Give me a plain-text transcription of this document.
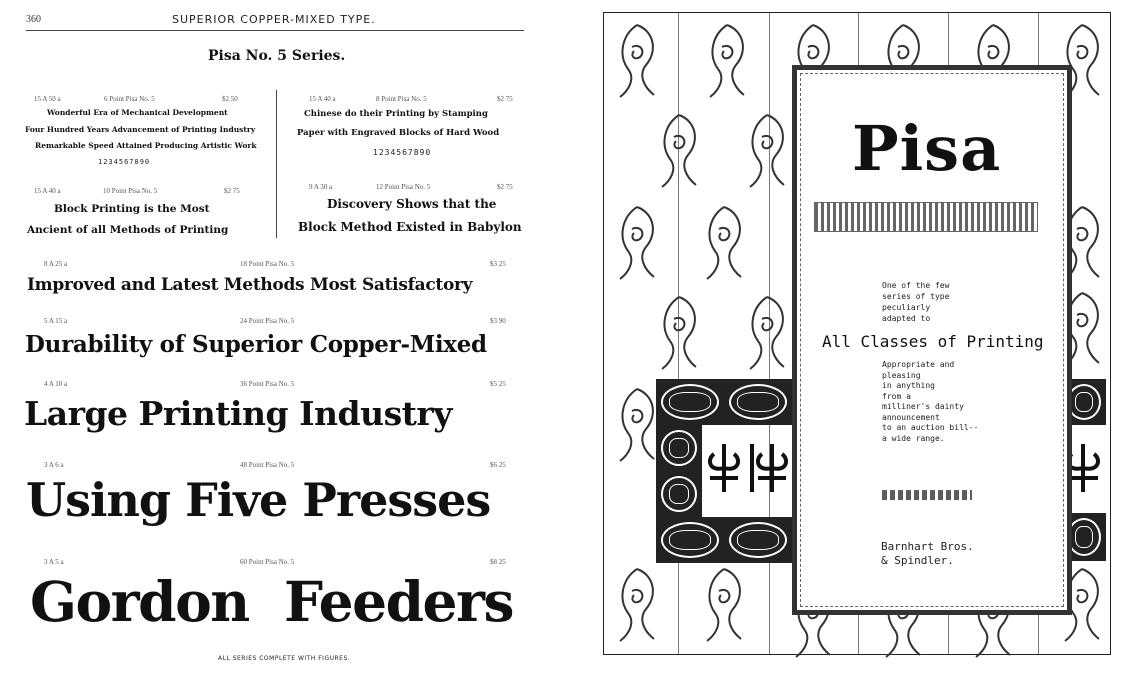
360	SUPERIOR COPPER-MIXED TYPE.
Pisa No. 5 Series.
15 A 50 a	6 Point Pisa No. 5	$2 50
Wonderful Era of Mechanical Development
Four Hundred Years Advancement of Printing Industry
Remarkable Speed Attained Producing Artistic Work
1234567890
15 A 40 a	8 Point Pisa No. 5	$2 75
Chinese do their Printing by Stamping
Paper with Engraved Blocks of Hard Wood
1234567890
15 A 40 a	10 Point Pisa No. 5	$2 75
Block Printing is the Most
Ancient of all Methods of Printing
9 A 30 a	12 Point Pisa No. 5	$2 75
Discovery Shows that the
Block Method Existed in Babylon
8 A 25 a	18 Point Pisa No. 5	$3 25
Improved and Latest Methods Most Satisfactory
5 A 15 a	24 Point Pisa No. 5	$3 90
Durability of Superior Copper-Mixed
4 A 10 a	36 Point Pisa No. 5	$5 25
Large Printing Industry
3 A 6 a	48 Point Pisa No. 5	$6 25
Using Five Presses
3 A 5 a	60 Point Pisa No. 5	$8 25
Gordon  Feeders
ALL SERIES COMPLETE WITH FIGURES.
Pisa
One of the few
series of type
peculiarly
adapted to
All Classes of Printing
Appropriate and
pleasing
in anything
from a
milliner's dainty
announcement
to an auction bill--
a wide range.
Barnhart Bros.
& Spindler.
